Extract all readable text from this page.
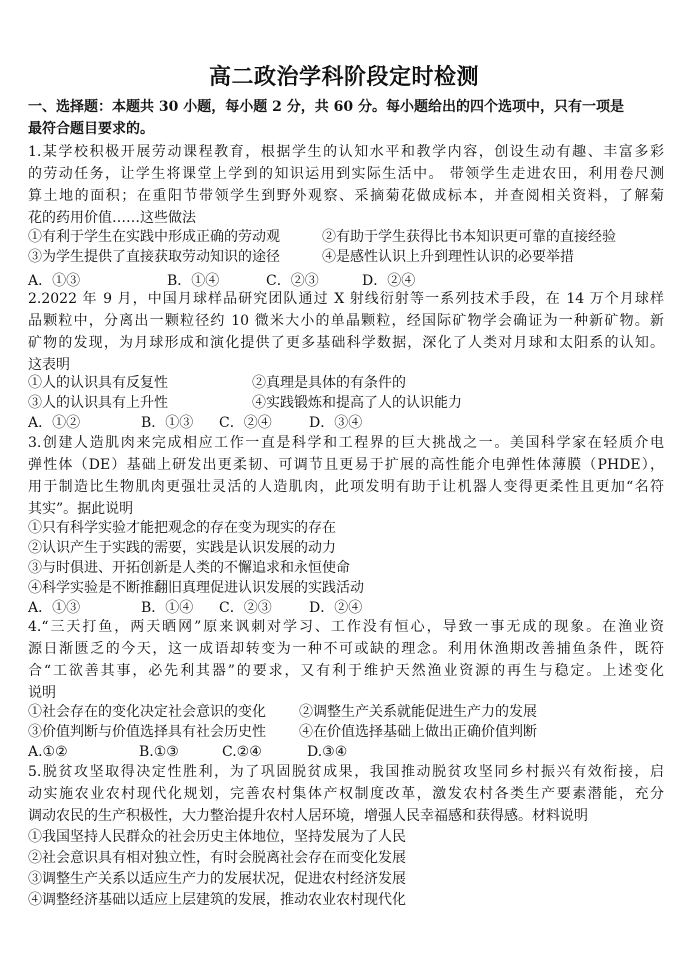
高二政治学科阶段定时检测
一、选择题：本题共 30 小题，每小题 2 分，共 60 分。每小题给出的四个选项中，只有一项是
最符合题目要求的。
1.某学校积极开展劳动课程教育，根据学生的认知水平和教学内容，创设生动有趣、丰富多彩
的劳动任务，让学生将课堂上学到的知识运用到实际生活中。 带领学生走进农田，利用卷尺测
算土地的面积；在重阳节带领学生到野外观察、采摘菊花做成标本，并查阅相关资料，了解菊
花的药用价值……这些做法
①有利于学生在实践中形成正确的劳动观	②有助于学生获得比书本知识更可靠的直接经验
③为学生提供了直接获取劳动知识的途径	④是感性认识上升到理性认识的必要举措
A．①③	B．①④	C．②③	D．②④
2.2022 年 9 月，中国月球样品研究团队通过 X 射线衍射等一系列技术手段，在 14 万个月球样
品颗粒中，分离出一颗粒径约 10 微米大小的单晶颗粒，经国际矿物学会确证为一种新矿物。新
矿物的发现，为月球形成和演化提供了更多基础科学数据，深化了人类对月球和太阳系的认知。
这表明
①人的认识具有反复性	②真理是具体的有条件的
③人的认识具有上升性	④实践锻炼和提高了人的认识能力
A．①②	B．①③ C．②④	D．③④
3.创建人造肌肉来完成相应工作一直是科学和工程界的巨大挑战之一。美国科学家在轻质介电
弹性体（DE）基础上研发出更柔韧、可调节且更易于扩展的高性能介电弹性体薄膜（PHDE），
用于制造比生物肌肉更强壮灵活的人造肌肉，此项发明有助于让机器人变得更柔性且更加“名符
其实”。据此说明
①只有科学实验才能把观念的存在变为现实的存在
②认识产生于实践的需要，实践是认识发展的动力
③与时俱进、开拓创新是人类的不懈追求和永恒使命
④科学实验是不断推翻旧真理促进认识发展的实践活动
A．①③	B．①④ C．②③	D．②④
4.“三天打鱼，两天晒网”原来讽刺对学习、工作没有恒心，导致一事无成的现象。在渔业资
源日渐匮乏的今天，这一成语却转变为一种不可或缺的理念。利用休渔期改善捕鱼条件，既符
合“工欲善其事，必先利其器”的要求，又有利于维护天然渔业资源的再生与稳定。上述变化
说明
①社会存在的变化决定社会意识的变化 ②调整生产关系就能促进生产力的发展
③价值判断与价值选择具有社会历史性 ④在价值选择基础上做出正确价值判断
A.①②	B.①③	C.②④	D.③④
5.脱贫攻坚取得决定性胜利，为了巩固脱贫成果，我国推动脱贫攻坚同乡村振兴有效衔接，启
动实施农业农村现代化规划，完善农村集体产权制度改革，激发农村各类生产要素潜能，充分
调动农民的生产积极性，大力整治提升农村人居环境，增强人民幸福感和获得感。材料说明
①我国坚持人民群众的社会历史主体地位，坚持发展为了人民
②社会意识具有相对独立性，有时会脱离社会存在而变化发展
③调整生产关系以适应生产力的发展状况，促进农村经济发展
④调整经济基础以适应上层建筑的发展，推动农业农村现代化
